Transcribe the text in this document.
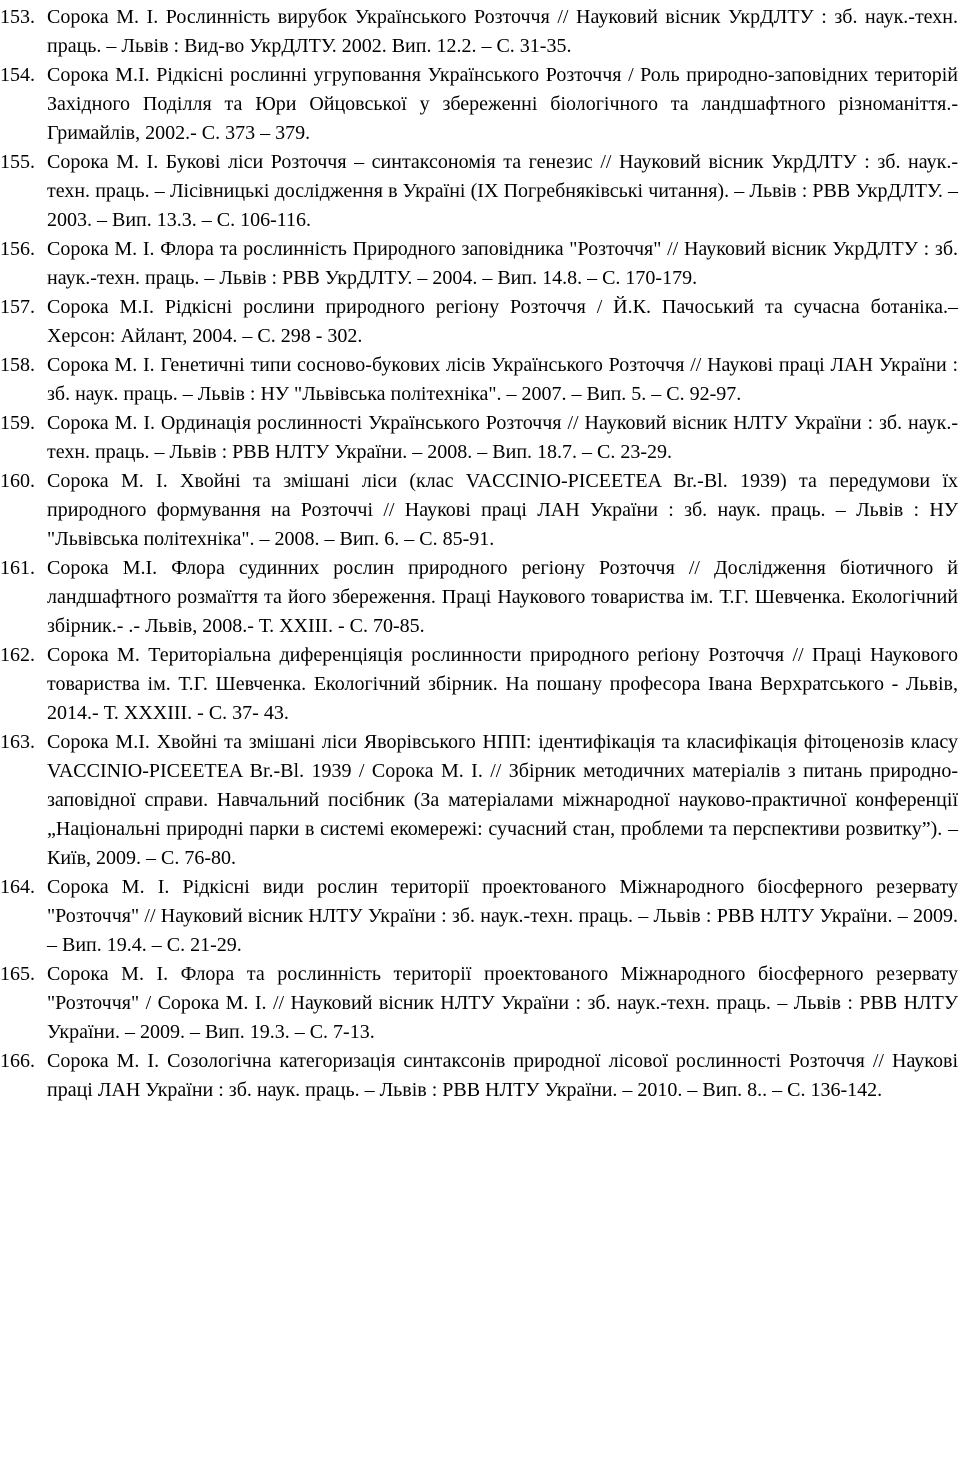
153. Сорока М. І. Рослинність вирубок Українського Розточчя // Науковий вісник УкрДЛТУ : зб. наук.-техн. праць. – Львів : Вид-во УкрДЛТУ. 2002. Вип. 12.2. – С. 31-35.

154. Сорока М.І. Рідкісні рослинні угруповання Українського Розточчя / Роль природно-заповідних територій Західного Поділля та Юри Ойцовської у збереженні біологічного та ландшафтного різноманіття.- Гримайлів, 2002.- С. 373 – 379.

155. Сорока М. І. Букові ліси Розточчя – синтаксономія та генезис // Науковий вісник УкрДЛТУ : зб. наук.-техн. праць. – Лісівницькі дослідження в Україні (IX Погребняківські читання). – Львів : РВВ УкрДЛТУ. – 2003. – Вип. 13.3. – С. 106-116.

156. Сорока М. І. Флора та рослинність Природного заповідника "Розточчя" // Науковий вісник УкрДЛТУ : зб. наук.-техн. праць. – Львів : РВВ УкрДЛТУ. – 2004. – Вип. 14.8. – С. 170-179.

157. Сорока М.І. Рідкісні рослини природного регіону Розточчя / Й.К. Пачоський та сучасна ботаніка.– Херсон: Айлант, 2004. – С. 298 - 302.

158. Сорока М. І. Генетичні типи сосново-букових лісів Українського Розточчя // Наукові праці ЛАН України : зб. наук. праць. – Львів : НУ "Львівська політехніка". – 2007. – Вип. 5. – С. 92-97.

159. Сорока М. І. Ординація рослинності Українського Розточчя // Науковий вісник НЛТУ України : зб. наук.-техн. праць. – Львів : РВВ НЛТУ України. – 2008. – Вип. 18.7. – С. 23-29.

160. Сорока М. І. Хвойні та змішані ліси (клас VACCINIO-PICEETEA Br.-Bl. 1939) та передумови їх природного формування на Розточчі // Наукові праці ЛАН України : зб. наук. праць. – Львів : НУ "Львівська політехніка". – 2008. – Вип. 6. – С. 85-91.

161. Сорока М.І. Флора судинних рослин природного регіону Розточчя // Дослідження біотичного й ландшафтного розмаїття та його збереження. Праці Наукового товариства ім. Т.Г. Шевченка. Екологічний збірник.- .- Львів, 2008.- Т. XXIII. - С. 70-85.

162. Сорока М. Територіальна диференціяція рослинности природного реґіону Розточчя // Праці Наукового товариства ім. Т.Г. Шевченка. Екологічний збірник. На пошану професора Івана Верхратського - Львів, 2014.- Т. XXXIII. - С. 37- 43.

163. Сорока М.І. Хвойні та змішані ліси Яворівського НПП: ідентифікація та класифікація фітоценозів класу VACCINIO-PICEETEA Br.-Bl. 1939 / Сорока М. І. // Збірник методичних матеріалів з питань природно-заповідної справи. Навчальний посібник (За матеріалами міжнародної науково-практичної конференції „Національні природні парки в системі екомережі: сучасний стан, проблеми та перспективи розвитку”). – Київ, 2009. – С. 76-80.

164. Сорока М. І. Рідкісні види рослин території проектованого Міжнародного біосферного резервату "Розточчя" // Науковий вісник НЛТУ України : зб. наук.-техн. праць. – Львів : РВВ НЛТУ України. – 2009. – Вип. 19.4. – С. 21-29.

165. Сорока М. І. Флора та рослинність території проектованого Міжнародного біосферного резервату "Розточчя" / Сорока М. І. // Науковий вісник НЛТУ України : зб. наук.-техн. праць. – Львів : РВВ НЛТУ України. – 2009. – Вип. 19.3. – С. 7-13.

166. Сорока М. І. Созологічна категоризація синтаксонів природної лісової рослинності Розточчя // Наукові праці ЛАН України : зб. наук. праць. – Львів : РВВ НЛТУ України. – 2010. – Вип. 8.. – С. 136-142.
